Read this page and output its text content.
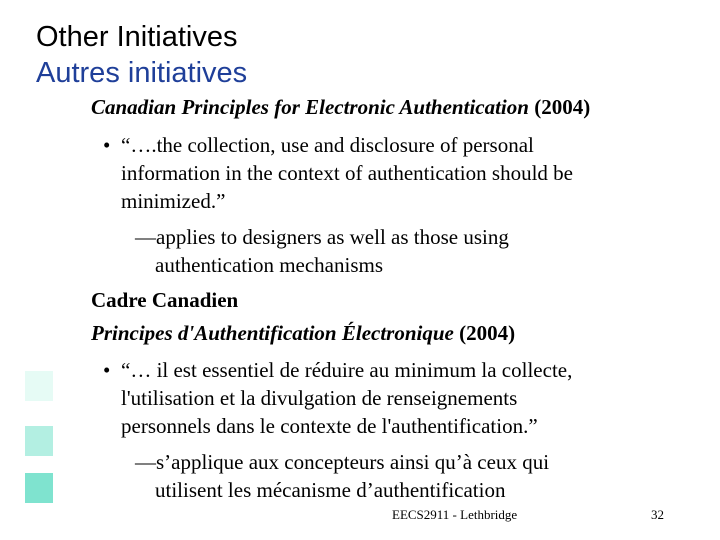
Other Initiatives
Autres initiatives
Canadian Principles for Electronic Authentication (2004)
• “….the collection, use and disclosure of personal
information in the context of authentication should be
minimized.”
—applies to designers as well as those using
authentication mechanisms
Cadre Canadien
Principes d'Authentification Électronique (2004)
• “… il est essentiel de réduire au minimum la collecte,
l'utilisation et la divulgation de renseignements
personnels dans le contexte de l'authentification.”
—s’applique aux concepteurs ainsi qu’à ceux qui
utilisent les mécanisme d’authentification
EECS2911 - Lethbridge	32
